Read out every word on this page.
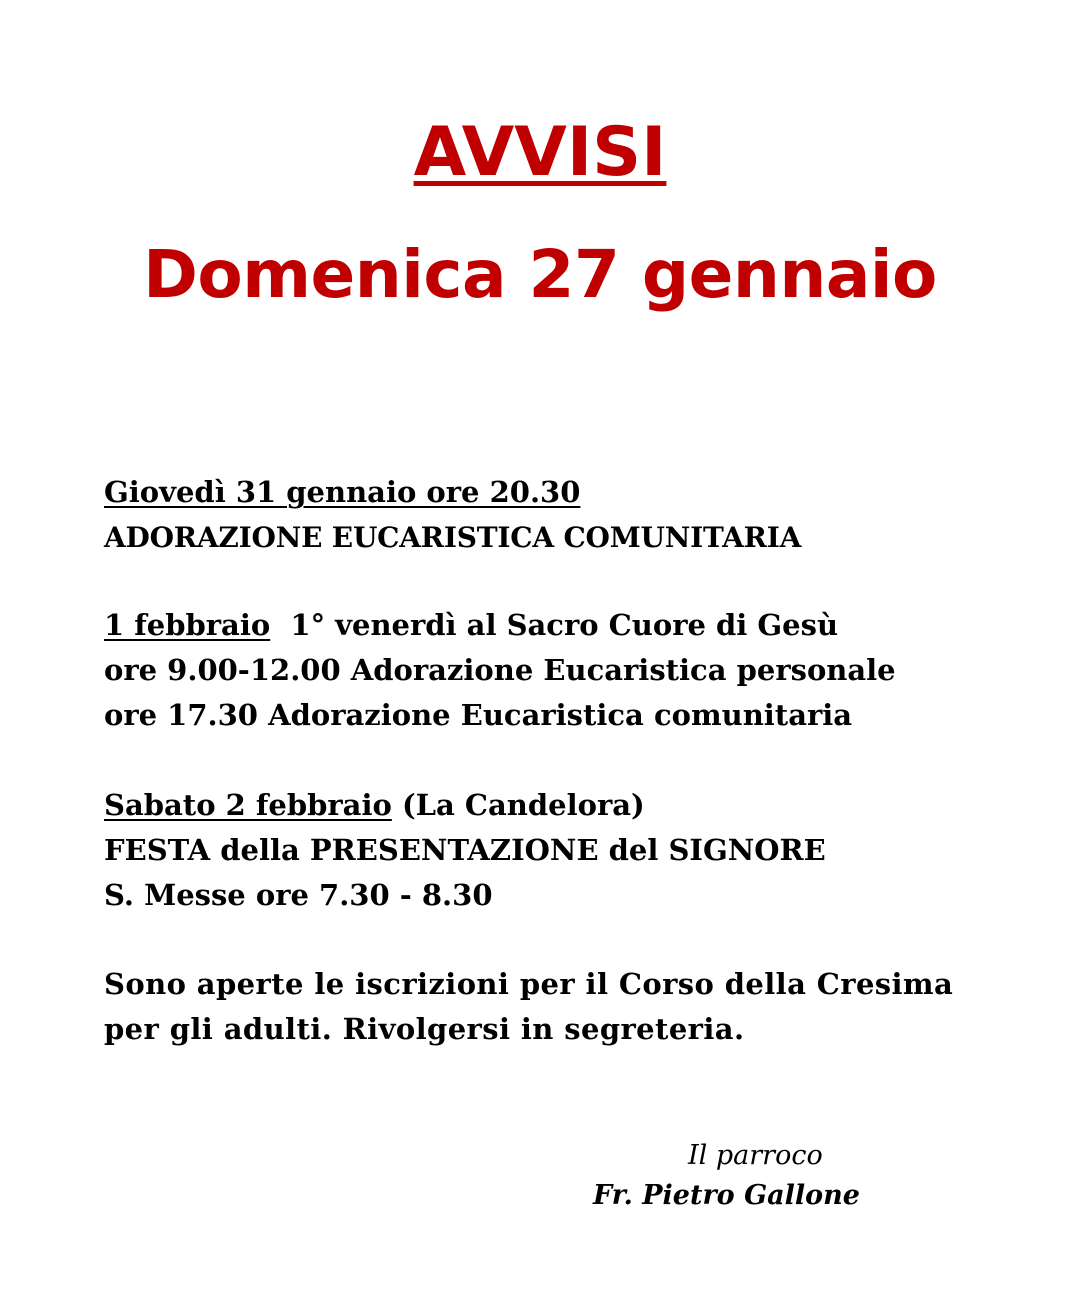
AVVISI
Domenica 27 gennaio
Giovedì 31 gennaio ore 20.30
ADORAZIONE EUCARISTICA COMUNITARIA
1 febbraio 1° venerdì al Sacro Cuore di Gesù
ore 9.00-12.00 Adorazione Eucaristica personale
ore 17.30 Adorazione Eucaristica comunitaria
Sabato 2 febbraio (La Candelora)
FESTA della PRESENTAZIONE del SIGNORE
S. Messe ore 7.30 - 8.30
Sono aperte le iscrizioni per il Corso della Cresima
per gli adulti. Rivolgersi in segreteria.
Il parroco
Fr. Pietro Gallone
